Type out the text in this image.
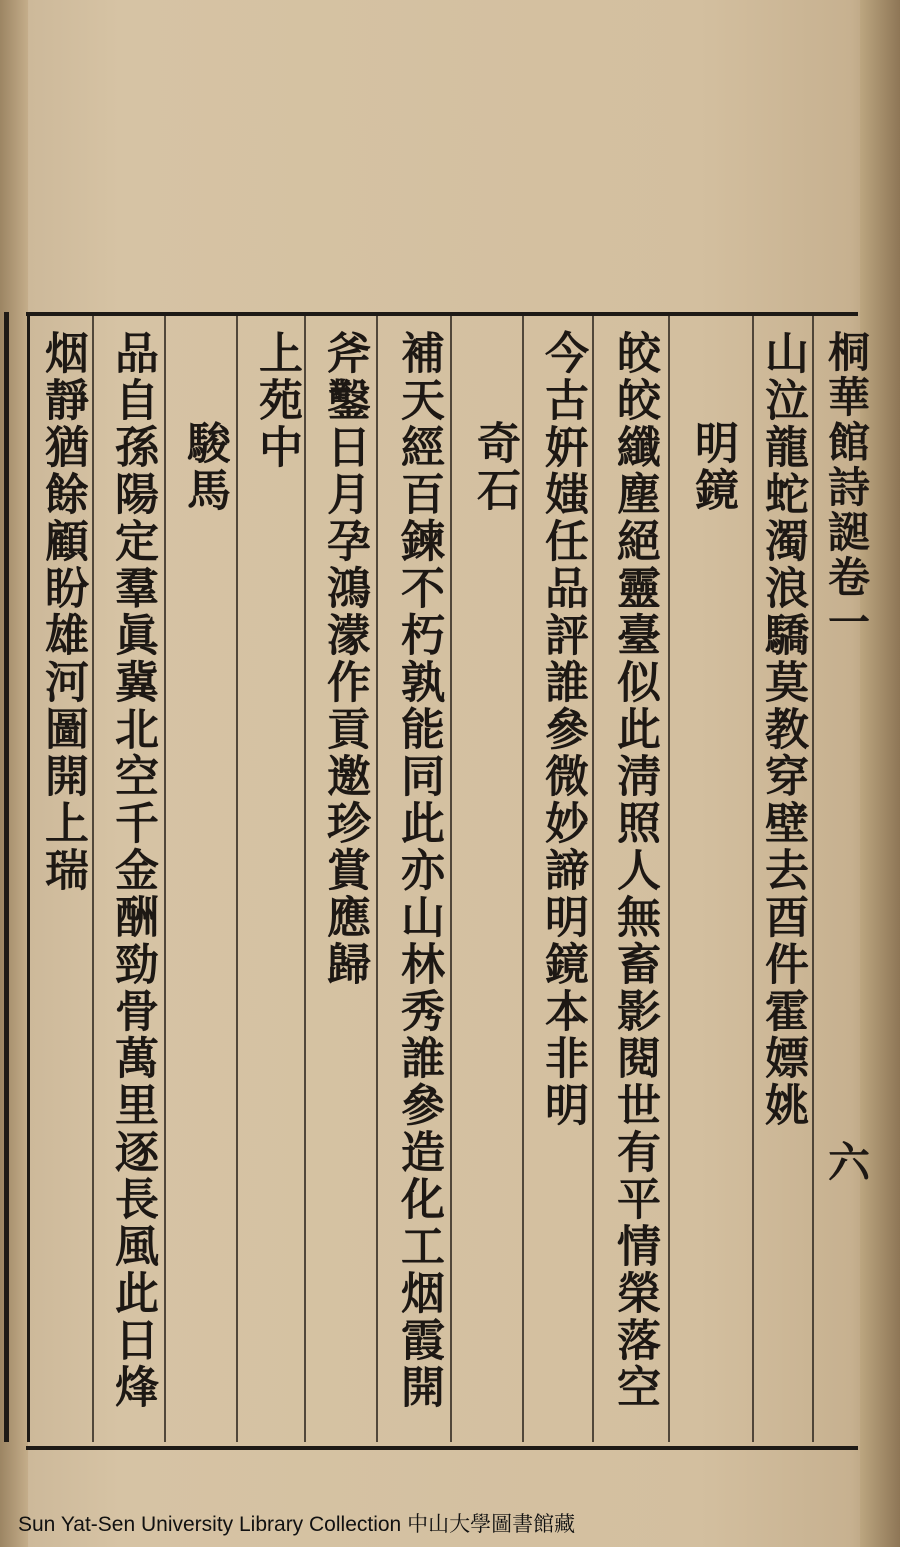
桐華館詩𧩙卷一
六
山泣龍蛇濁浪驕莫教穿壁去酉件霍嫖姚
明鏡
皎皎纖塵絕靈臺似此淸照人無畜影閱世有平情榮落空
今古姸媸任品評誰參微妙諦明鏡本非明
奇石
補天經百鍊不朽孰能同此亦山林秀誰參造化工烟霞開
斧鑿日月孕鴻濛作貢邀珍賞應歸
上苑中
駿馬
品自孫陽定羣眞冀北空千金酬勁骨萬里逐長風此日烽
烟靜猶餘顧盼雄河圖開上瑞
Sun Yat-Sen University Library Collection 中山大學圖書館藏
